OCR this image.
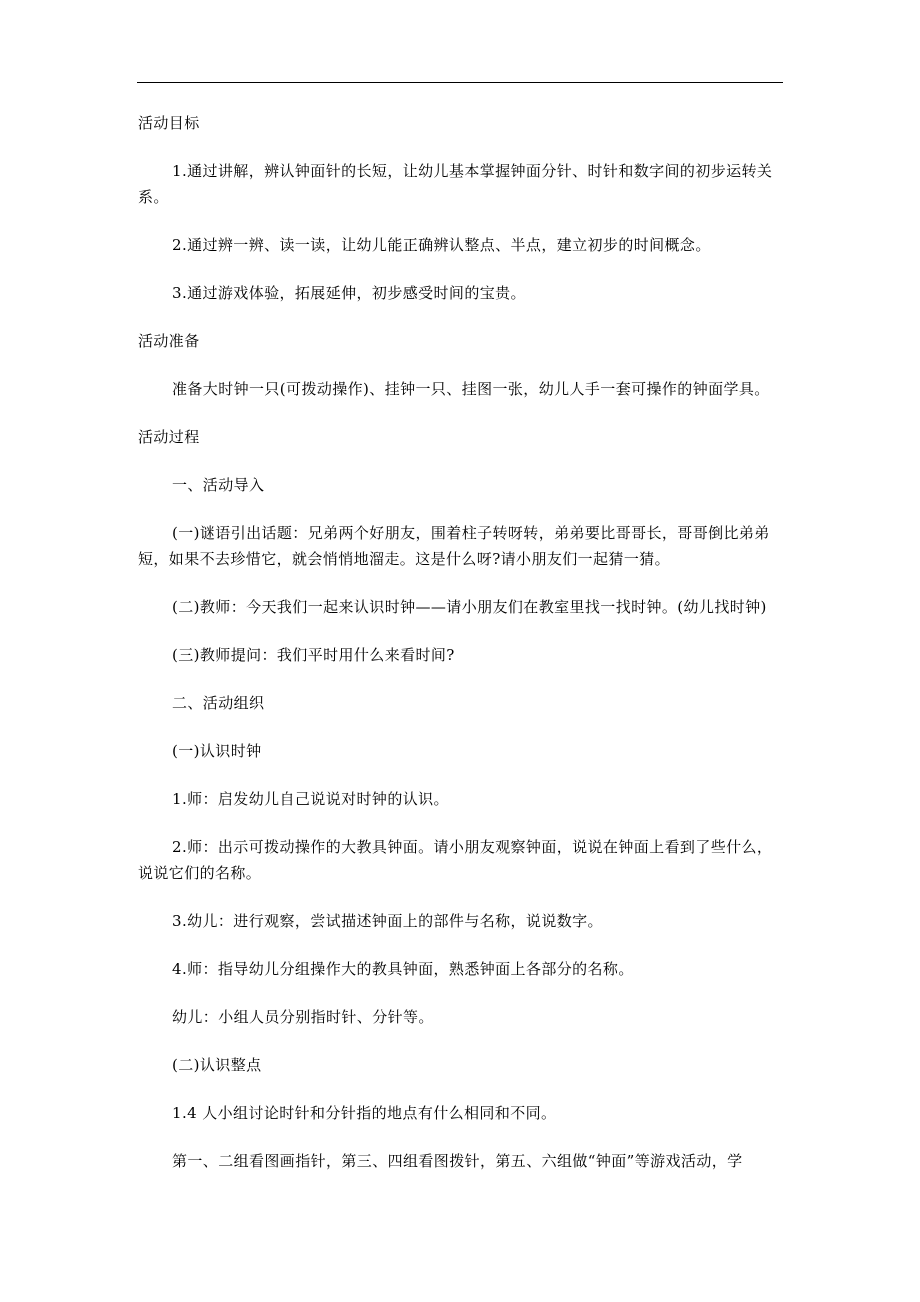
活动目标

1.通过讲解，辨认钟面针的长短，让幼儿基本掌握钟面分针、时针和数字间的初步运转关系。

2.通过辨一辨、读一读，让幼儿能正确辨认整点、半点，建立初步的时间概念。

3.通过游戏体验，拓展延伸，初步感受时间的宝贵。

活动准备

准备大时钟一只(可拨动操作)、挂钟一只、挂图一张，幼儿人手一套可操作的钟面学具。

活动过程

一、活动导入

(一)谜语引出话题：兄弟两个好朋友，围着柱子转呀转，弟弟要比哥哥长，哥哥倒比弟弟短，如果不去珍惜它，就会悄悄地溜走。这是什么呀?请小朋友们一起猜一猜。

(二)教师：今天我们一起来认识时钟——请小朋友们在教室里找一找时钟。(幼儿找时钟)

(三)教师提问：我们平时用什么来看时间?

二、活动组织

(一)认识时钟

1.师：启发幼儿自己说说对时钟的认识。

2.师：出示可拨动操作的大教具钟面。请小朋友观察钟面，说说在钟面上看到了些什么，说说它们的名称。

3.幼儿：进行观察，尝试描述钟面上的部件与名称，说说数字。

4.师：指导幼儿分组操作大的教具钟面，熟悉钟面上各部分的名称。

幼儿：小组人员分别指时针、分针等。

(二)认识整点

1.4 人小组讨论时针和分针指的地点有什么相同和不同。

第一、二组看图画指针，第三、四组看图拨针，第五、六组做“钟面”等游戏活动，学
